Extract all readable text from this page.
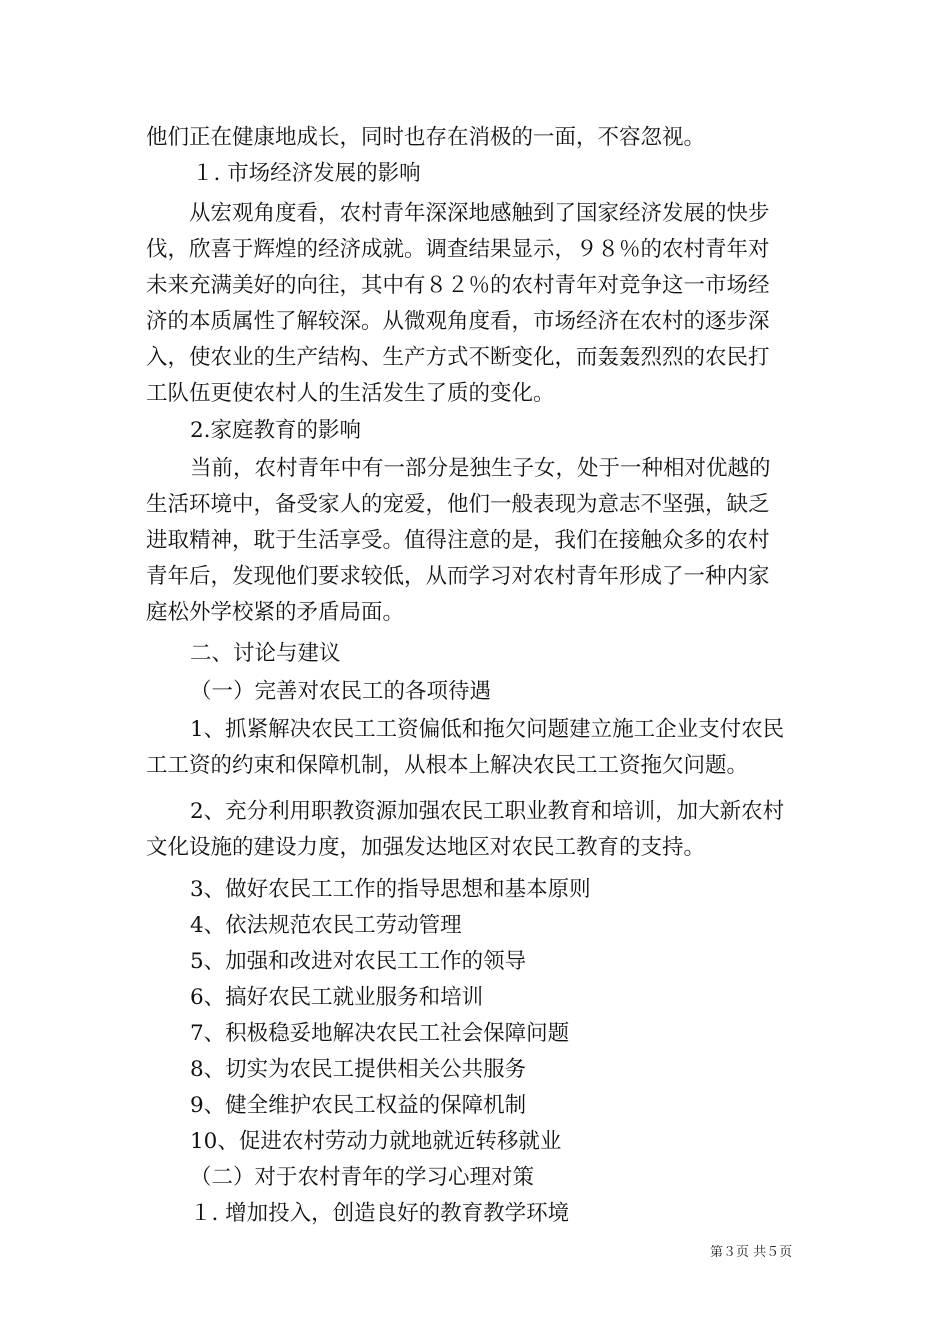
他们正在健康地成长，同时也存在消极的一面，不容忽视。
１. 市场经济发展的影响
从宏观角度看，农村青年深深地感触到了国家经济发展的快步
伐，欣喜于辉煌的经济成就。调查结果显示，９８％的农村青年对
未来充满美好的向往，其中有８２％的农村青年对竞争这一市场经
济的本质属性了解较深。从微观角度看，市场经济在农村的逐步深
入，使农业的生产结构、生产方式不断变化，而轰轰烈烈的农民打
工队伍更使农村人的生活发生了质的变化。
2.家庭教育的影响
当前，农村青年中有一部分是独生子女，处于一种相对优越的
生活环境中，备受家人的宠爱，他们一般表现为意志不坚强，缺乏
进取精神，耽于生活享受。值得注意的是，我们在接触众多的农村
青年后，发现他们要求较低，从而学习对农村青年形成了一种内家
庭松外学校紧的矛盾局面。
二、讨论与建议
（一）完善对农民工的各项待遇
1、抓紧解决农民工工资偏低和拖欠问题建立施工企业支付农民
工工资的约束和保障机制，从根本上解决农民工工资拖欠问题。
2、充分利用职教资源加强农民工职业教育和培训，加大新农村
文化设施的建设力度，加强发达地区对农民工教育的支持。
3、做好农民工工作的指导思想和基本原则
4、依法规范农民工劳动管理
5、加强和改进对农民工工作的领导
6、搞好农民工就业服务和培训
7、积极稳妥地解决农民工社会保障问题
8、切实为农民工提供相关公共服务
9、健全维护农民工权益的保障机制
10、促进农村劳动力就地就近转移就业
（二）对于农村青年的学习心理对策
１. 增加投入，创造良好的教育教学环境
第３页 共５页
